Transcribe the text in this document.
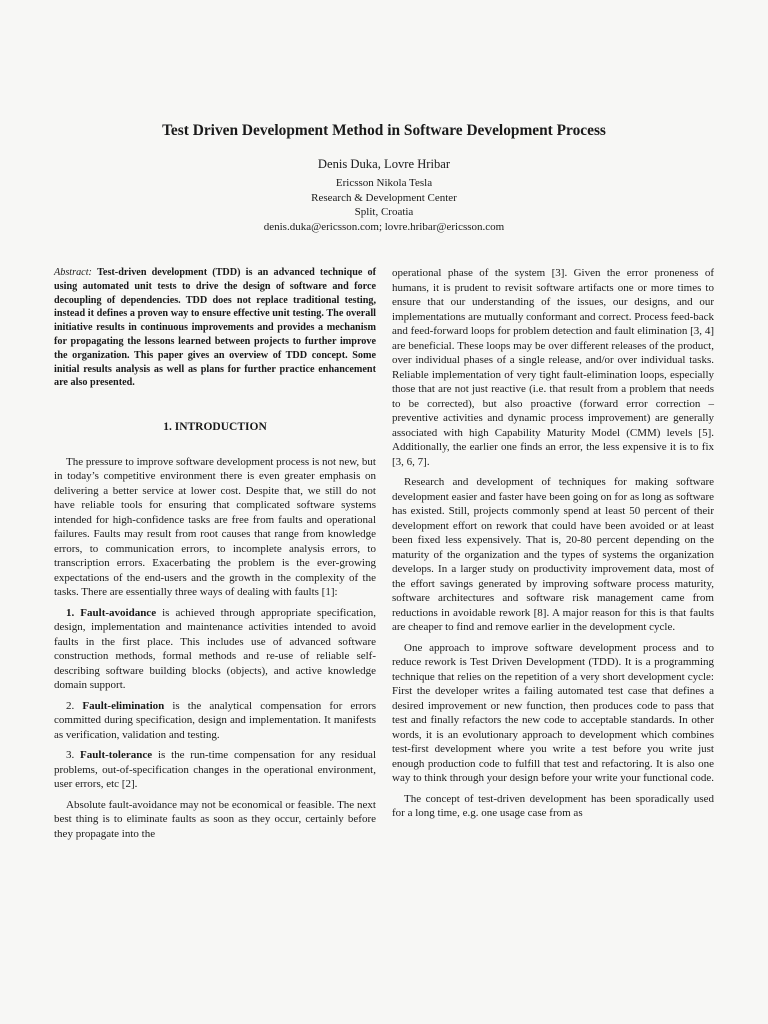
Test Driven Development Method in Software Development Process
Denis Duka, Lovre Hribar
Ericsson Nikola Tesla
Research & Development Center
Split, Croatia
denis.duka@ericsson.com; lovre.hribar@ericsson.com

Abstract: Test-driven development (TDD) is an advanced technique of using automated unit tests to drive the design of software and force decoupling of dependencies. TDD does not replace traditional testing, instead it defines a proven way to ensure effective unit testing. The overall initiative results in continuous improvements and provides a mechanism for propagating the lessons learned between projects to further improve the organization. This paper gives an overview of TDD concept. Some initial results analysis as well as plans for further practice enhancement are also presented.

1. INTRODUCTION

The pressure to improve software development process is not new, but in today’s competitive environment there is even greater emphasis on delivering a better service at lower cost. Despite that, we still do not have reliable tools for ensuring that complicated software systems intended for high-confidence tasks are free from faults and operational failures. Faults may result from root causes that range from knowledge errors, to communication errors, to incomplete analysis errors, to transcription errors. Exacerbating the problem is the ever-growing expectations of the end-users and the growth in the complexity of the tasks. There are essentially three ways of dealing with faults [1]:

1. Fault-avoidance is achieved through appropriate specification, design, implementation and maintenance activities intended to avoid faults in the first place. This includes use of advanced software construction methods, formal methods and re-use of reliable self-describing software building blocks (objects), and active knowledge domain support.

2. Fault-elimination is the analytical compensation for errors committed during specification, design and implementation. It manifests as verification, validation and testing.

3. Fault-tolerance is the run-time compensation for any residual problems, out-of-specification changes in the operational environment, user errors, etc [2].

Absolute fault-avoidance may not be economical or feasible. The next best thing is to eliminate faults as soon as they occur, certainly before they propagate into the

operational phase of the system [3]. Given the error proneness of humans, it is prudent to revisit software artifacts one or more times to ensure that our understanding of the issues, our designs, and our implementations are mutually conformant and correct. Process feed-back and feed-forward loops for problem detection and fault elimination [3, 4] are beneficial. These loops may be over different releases of the product, over individual phases of a single release, and/or over individual tasks. Reliable implementation of very tight fault-elimination loops, especially those that are not just reactive (i.e. that result from a problem that needs to be corrected), but also proactive (forward error correction – preventive activities and dynamic process improvement) are generally associated with high Capability Maturity Model (CMM) levels [5]. Additionally, the earlier one finds an error, the less expensive it is to fix [3, 6, 7].

Research and development of techniques for making software development easier and faster have been going on for as long as software has existed. Still, projects commonly spend at least 50 percent of their development effort on rework that could have been avoided or at least been fixed less expensively. That is, 20-80 percent depending on the maturity of the organization and the types of systems the organization develops. In a larger study on productivity improvement data, most of the effort savings generated by improving software process maturity, software architectures and software risk management came from reductions in avoidable rework [8]. A major reason for this is that faults are cheaper to find and remove earlier in the development cycle.

One approach to improve software development process and to reduce rework is Test Driven Development (TDD). It is a programming technique that relies on the repetition of a very short development cycle: First the developer writes a failing automated test case that defines a desired improvement or new function, then produces code to pass that test and finally refactors the new code to acceptable standards. In other words, it is an evolutionary approach to development which combines test-first development where you write a test before you write just enough production code to fulfill that test and refactoring. It is also one way to think through your design before your write your functional code.

The concept of test-driven development has been sporadically used for a long time, e.g. one usage case from as
